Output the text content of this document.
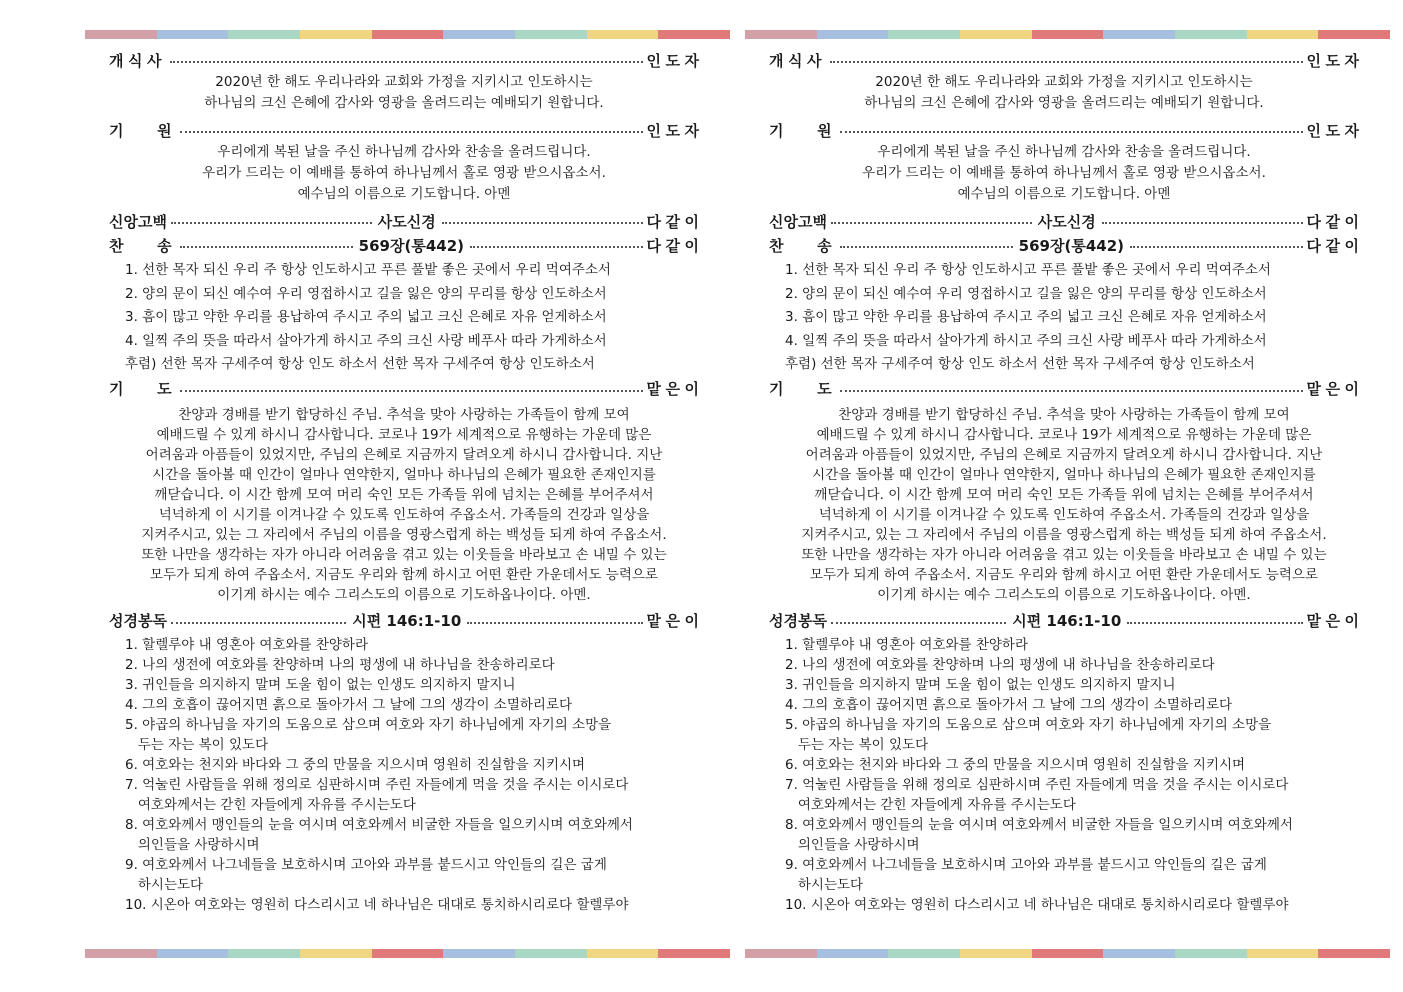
개식사	인도자
2020년 한 해도 우리나라와 교회와 가정을 지키시고 인도하시는
하나님의 크신 은혜에 감사와 영광을 올려드리는 예배되기 원합니다.
기   원	인도자
우리에게 복된 날을 주신 하나님께 감사와 찬송을 올려드립니다.
우리가 드리는 이 예배를 통하여 하나님께서 홀로 영광 받으시옵소서.
예수님의 이름으로 기도합니다. 아멘
신앙고백	사도신경	다같이
찬   송	569장(통442)	다같이
1. 선한 목자 되신 우리 주 항상 인도하시고 푸른 풀밭 좋은 곳에서 우리 먹여주소서
2. 양의 문이 되신 예수여 우리 영접하시고 길을 잃은 양의 무리를 항상 인도하소서
3. 흠이 많고 약한 우리를 용납하여 주시고 주의 넓고 크신 은혜로 자유 얻게하소서
4. 일찍 주의 뜻을 따라서 살아가게 하시고 주의 크신 사랑 베푸사 따라 가게하소서
후렴) 선한 목자 구세주여 항상 인도 하소서 선한 목자 구세주여 항상 인도하소서
기   도	맡은이
찬양과 경배를 받기 합당하신 주님. 추석을 맞아 사랑하는 가족들이 함께 모여
예배드릴 수 있게 하시니 감사합니다. 코로나 19가 세계적으로 유행하는 가운데 많은
어려움과 아픔들이 있었지만, 주님의 은혜로 지금까지 달려오게 하시니 감사합니다. 지난
시간을 돌아볼 때 인간이 얼마나 연약한지, 얼마나 하나님의 은혜가 필요한 존재인지를
깨닫습니다. 이 시간 함께 모여 머리 숙인 모든 가족들 위에 넘치는 은혜를 부어주셔서
넉넉하게 이 시기를 이겨나갈 수 있도록 인도하여 주옵소서. 가족들의 건강과 일상을
지켜주시고, 있는 그 자리에서 주님의 이름을 영광스럽게 하는 백성들 되게 하여 주옵소서.
또한 나만을 생각하는 자가 아니라 어려움을 겪고 있는 이웃들을 바라보고 손 내밀 수 있는
모두가 되게 하여 주옵소서. 지금도 우리와 함께 하시고 어떤 환란 가운데서도 능력으로
이기게 하시는 예수 그리스도의 이름으로 기도하옵나이다. 아멘.
성경봉독	시편 146:1-10	맡은이
1. 할렐루야 내 영혼아 여호와를 찬양하라
2. 나의 생전에 여호와를 찬양하며 나의 평생에 내 하나님을 찬송하리로다
3. 귀인들을 의지하지 말며 도울 힘이 없는 인생도 의지하지 말지니
4. 그의 호흡이 끊어지면 흙으로 돌아가서 그 날에 그의 생각이 소멸하리로다
5. 야곱의 하나님을 자기의 도움으로 삼으며 여호와 자기 하나님에게 자기의 소망을
두는 자는 복이 있도다
6. 여호와는 천지와 바다와 그 중의 만물을 지으시며 영원히 진실함을 지키시며
7. 억눌린 사람들을 위해 정의로 심판하시며 주린 자들에게 먹을 것을 주시는 이시로다
여호와께서는 갇힌 자들에게 자유를 주시는도다
8. 여호와께서 맹인들의 눈을 여시며 여호와께서 비굴한 자들을 일으키시며 여호와께서
의인들을 사랑하시며
9. 여호와께서 나그네들을 보호하시며 고아와 과부를 붙드시고 악인들의 길은 굽게
하시는도다
10. 시온아 여호와는 영원히 다스리시고 네 하나님은 대대로 통치하시리로다 할렐루야
개식사	인도자
2020년 한 해도 우리나라와 교회와 가정을 지키시고 인도하시는
하나님의 크신 은혜에 감사와 영광을 올려드리는 예배되기 원합니다.
기   원	인도자
우리에게 복된 날을 주신 하나님께 감사와 찬송을 올려드립니다.
우리가 드리는 이 예배를 통하여 하나님께서 홀로 영광 받으시옵소서.
예수님의 이름으로 기도합니다. 아멘
신앙고백	사도신경	다같이
찬   송	569장(통442)	다같이
1. 선한 목자 되신 우리 주 항상 인도하시고 푸른 풀밭 좋은 곳에서 우리 먹여주소서
2. 양의 문이 되신 예수여 우리 영접하시고 길을 잃은 양의 무리를 항상 인도하소서
3. 흠이 많고 약한 우리를 용납하여 주시고 주의 넓고 크신 은혜로 자유 얻게하소서
4. 일찍 주의 뜻을 따라서 살아가게 하시고 주의 크신 사랑 베푸사 따라 가게하소서
후렴) 선한 목자 구세주여 항상 인도 하소서 선한 목자 구세주여 항상 인도하소서
기   도	맡은이
찬양과 경배를 받기 합당하신 주님. 추석을 맞아 사랑하는 가족들이 함께 모여
예배드릴 수 있게 하시니 감사합니다. 코로나 19가 세계적으로 유행하는 가운데 많은
어려움과 아픔들이 있었지만, 주님의 은혜로 지금까지 달려오게 하시니 감사합니다. 지난
시간을 돌아볼 때 인간이 얼마나 연약한지, 얼마나 하나님의 은혜가 필요한 존재인지를
깨닫습니다. 이 시간 함께 모여 머리 숙인 모든 가족들 위에 넘치는 은혜를 부어주셔서
넉넉하게 이 시기를 이겨나갈 수 있도록 인도하여 주옵소서. 가족들의 건강과 일상을
지켜주시고, 있는 그 자리에서 주님의 이름을 영광스럽게 하는 백성들 되게 하여 주옵소서.
또한 나만을 생각하는 자가 아니라 어려움을 겪고 있는 이웃들을 바라보고 손 내밀 수 있는
모두가 되게 하여 주옵소서. 지금도 우리와 함께 하시고 어떤 환란 가운데서도 능력으로
이기게 하시는 예수 그리스도의 이름으로 기도하옵나이다. 아멘.
성경봉독	시편 146:1-10	맡은이
1. 할렐루야 내 영혼아 여호와를 찬양하라
2. 나의 생전에 여호와를 찬양하며 나의 평생에 내 하나님을 찬송하리로다
3. 귀인들을 의지하지 말며 도울 힘이 없는 인생도 의지하지 말지니
4. 그의 호흡이 끊어지면 흙으로 돌아가서 그 날에 그의 생각이 소멸하리로다
5. 야곱의 하나님을 자기의 도움으로 삼으며 여호와 자기 하나님에게 자기의 소망을
두는 자는 복이 있도다
6. 여호와는 천지와 바다와 그 중의 만물을 지으시며 영원히 진실함을 지키시며
7. 억눌린 사람들을 위해 정의로 심판하시며 주린 자들에게 먹을 것을 주시는 이시로다
여호와께서는 갇힌 자들에게 자유를 주시는도다
8. 여호와께서 맹인들의 눈을 여시며 여호와께서 비굴한 자들을 일으키시며 여호와께서
의인들을 사랑하시며
9. 여호와께서 나그네들을 보호하시며 고아와 과부를 붙드시고 악인들의 길은 굽게
하시는도다
10. 시온아 여호와는 영원히 다스리시고 네 하나님은 대대로 통치하시리로다 할렐루야
